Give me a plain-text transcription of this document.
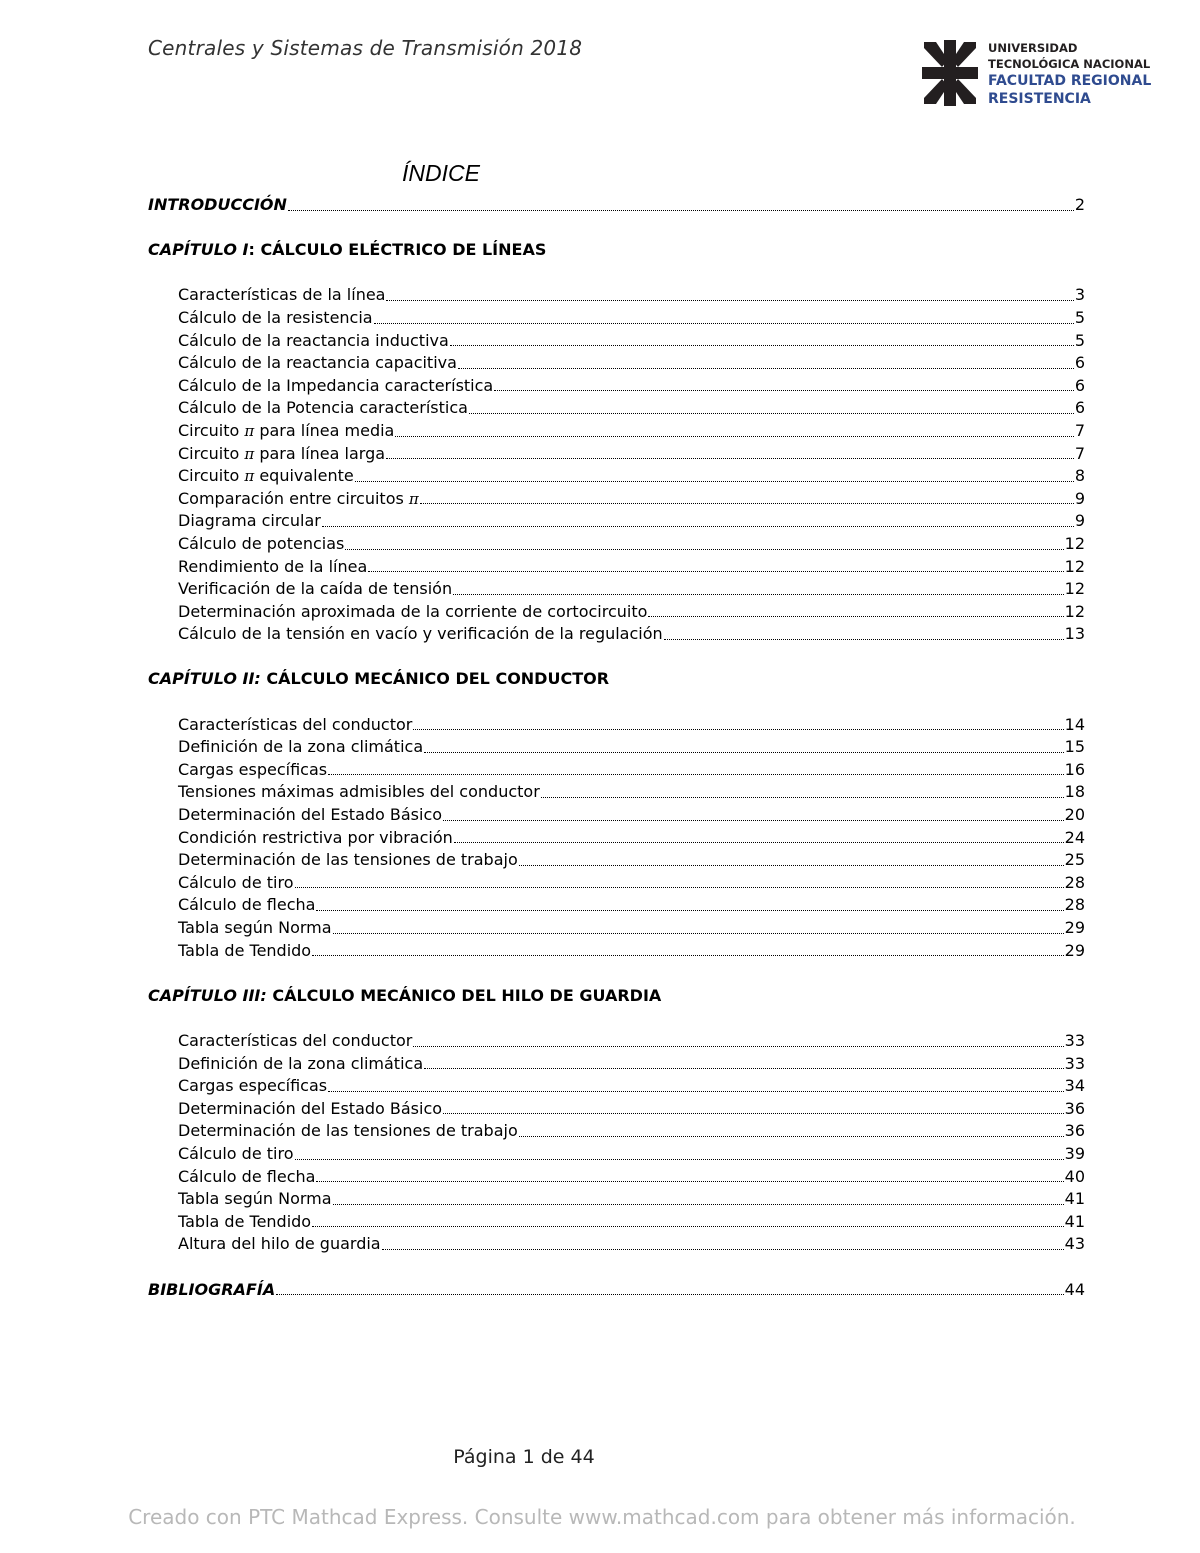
Centrales y Sistemas de Transmisión 2018	UNIVERSIDAD
TECNOLÓGICA NACIONAL
FACULTAD REGIONAL
RESISTENCIA
ÍNDICE
INTRODUCCIÓN	2
CAPÍTULO I: CÁLCULO ELÉCTRICO DE LÍNEAS
Características de la línea	3
Cálculo de la resistencia	5
Cálculo de la reactancia inductiva	5
Cálculo de la reactancia capacitiva	6
Cálculo de la Impedancia característica	6
Cálculo de la Potencia característica	6
Circuito π para línea media	7
Circuito π para línea larga	7
Circuito π equivalente	8
Comparación entre circuitos π	9
Diagrama circular	9
Cálculo de potencias	12
Rendimiento de la línea	12
Verificación de la caída de tensión	12
Determinación aproximada de la corriente de cortocircuito	12
Cálculo de la tensión en vacío y verificación de la regulación	13
CAPÍTULO II: CÁLCULO MECÁNICO DEL CONDUCTOR
Características del conductor	14
Definición de la zona climática	15
Cargas específicas	16
Tensiones máximas admisibles del conductor	18
Determinación del Estado Básico	20
Condición restrictiva por vibración	24
Determinación de las tensiones de trabajo	25
Cálculo de tiro	28
Cálculo de flecha	28
Tabla según Norma	29
Tabla de Tendido	29
CAPÍTULO III: CÁLCULO MECÁNICO DEL HILO DE GUARDIA
Características del conductor	33
Definición de la zona climática	33
Cargas específicas	34
Determinación del Estado Básico	36
Determinación de las tensiones de trabajo	36
Cálculo de tiro	39
Cálculo de flecha	40
Tabla según Norma	41
Tabla de Tendido	41
Altura del hilo de guardia	43
BIBLIOGRAFÍA	44
Página 1 de 44
Creado con PTC Mathcad Express. Consulte www.mathcad.com para obtener más información.
